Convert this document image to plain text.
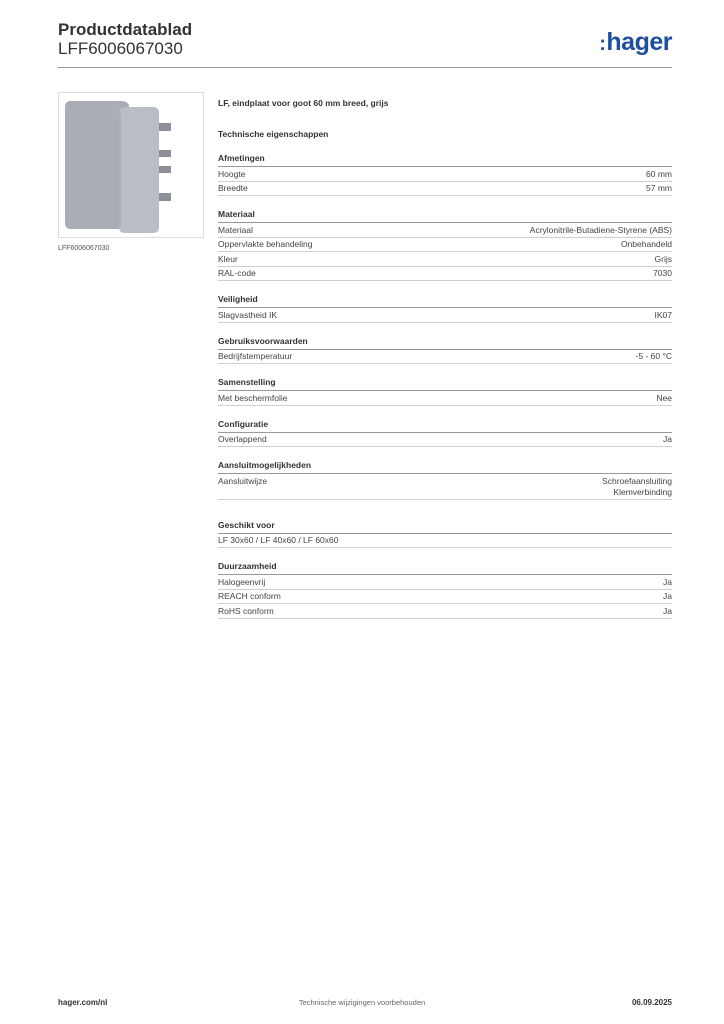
Productdatablad
LFF6006067030	:hager
LFF6006067030
LF, eindplaat voor goot 60 mm breed, grijs
Technische eigenschappen
Afmetingen
Hoogte	60 mm
Breedte	57 mm
Materiaal
Materiaal	Acrylonitrile-Butadiene-Styrene (ABS)
Oppervlakte behandeling	Onbehandeld
Kleur	Grijs
RAL-code	7030
Veiligheid
Slagvastheid IK	IK07
Gebruiksvoorwaarden
Bedrijfstemperatuur	-5 - 60 °C
Samenstelling
Met beschermfolie	Nee
Configuratie
Overlappend	Ja
Aansluitmogelijkheden
Aansluitwijze	Schroefaansluiting
Klemverbinding
Geschikt voor
LF 30x60 / LF 40x60 / LF 60x60
Duurzaamheid
Halogeenvrij	Ja
REACH conform	Ja
RoHS conform	Ja
hager.com/nl	Technische wijzigingen voorbehouden	06.09.2025
